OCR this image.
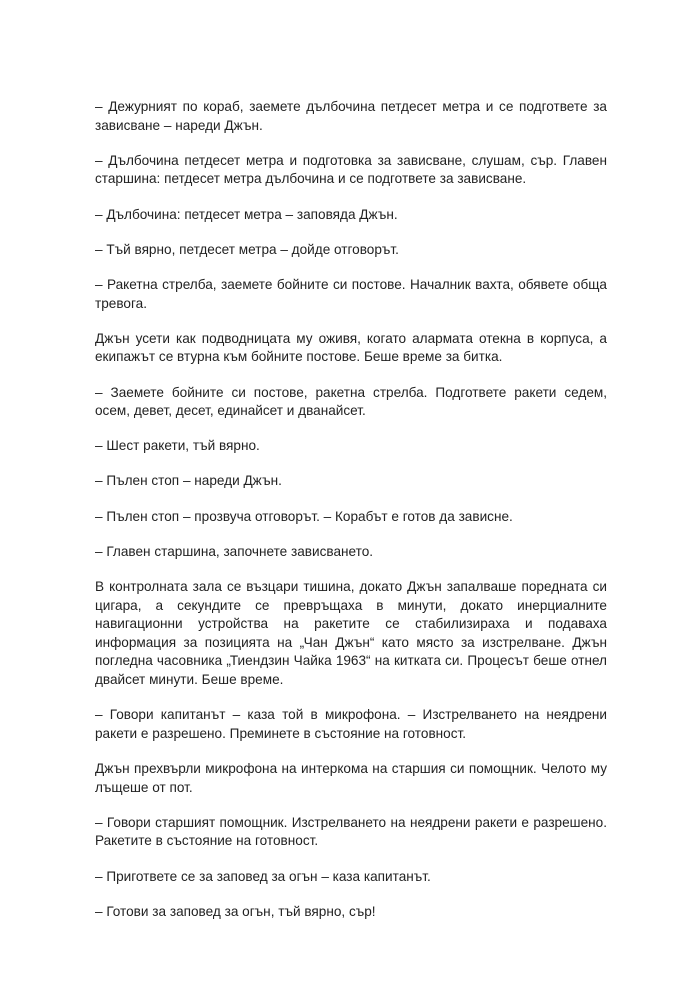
– Дежурният по кораб, заемете дълбочина петдесет метра и се подгответе за зависване – нареди Джън.

– Дълбочина петдесет метра и подготовка за зависване, слушам, сър. Главен старшина: петдесет метра дълбочина и се подгответе за зависване.

– Дълбочина: петдесет метра – заповяда Джън.

– Тъй вярно, петдесет метра – дойде отговорът.

– Ракетна стрелба, заемете бойните си постове. Началник вахта, обявете обща тревога.

Джън усети как подводницата му оживя, когато алармата отекна в корпуса, а екипажът се втурна към бойните постове. Беше време за битка.

– Заемете бойните си постове, ракетна стрелба. Подгответе ракети седем, осем, девет, десет, единайсет и дванайсет.

– Шест ракети, тъй вярно.

– Пълен стоп – нареди Джън.

– Пълен стоп – прозвуча отговорът. – Корабът е готов да зависне.

– Главен старшина, започнете зависването.

В контролната зала се възцари тишина, докато Джън запалваше поредната си цигара, а секундите се превръщаха в минути, докато инерциалните навигационни устройства на ракетите се стабилизираха и подаваха информация за позицията на „Чан Джън“ като място за изстрелване. Джън погледна часовника „Тиендзин Чайка 1963“ на китката си. Процесът беше отнел двайсет минути. Беше време.

– Говори капитанът – каза той в микрофона. – Изстрелването на неядрени ракети е разрешено. Преминете в състояние на готовност.

Джън прехвърли микрофона на интеркома на старшия си помощник. Челото му лъщеше от пот.

– Говори старшият помощник. Изстрелването на неядрени ракети е разрешено. Ракетите в състояние на готовност.

– Пригответе се за заповед за огън – каза капитанът.

– Готови за заповед за огън, тъй вярно, сър!
